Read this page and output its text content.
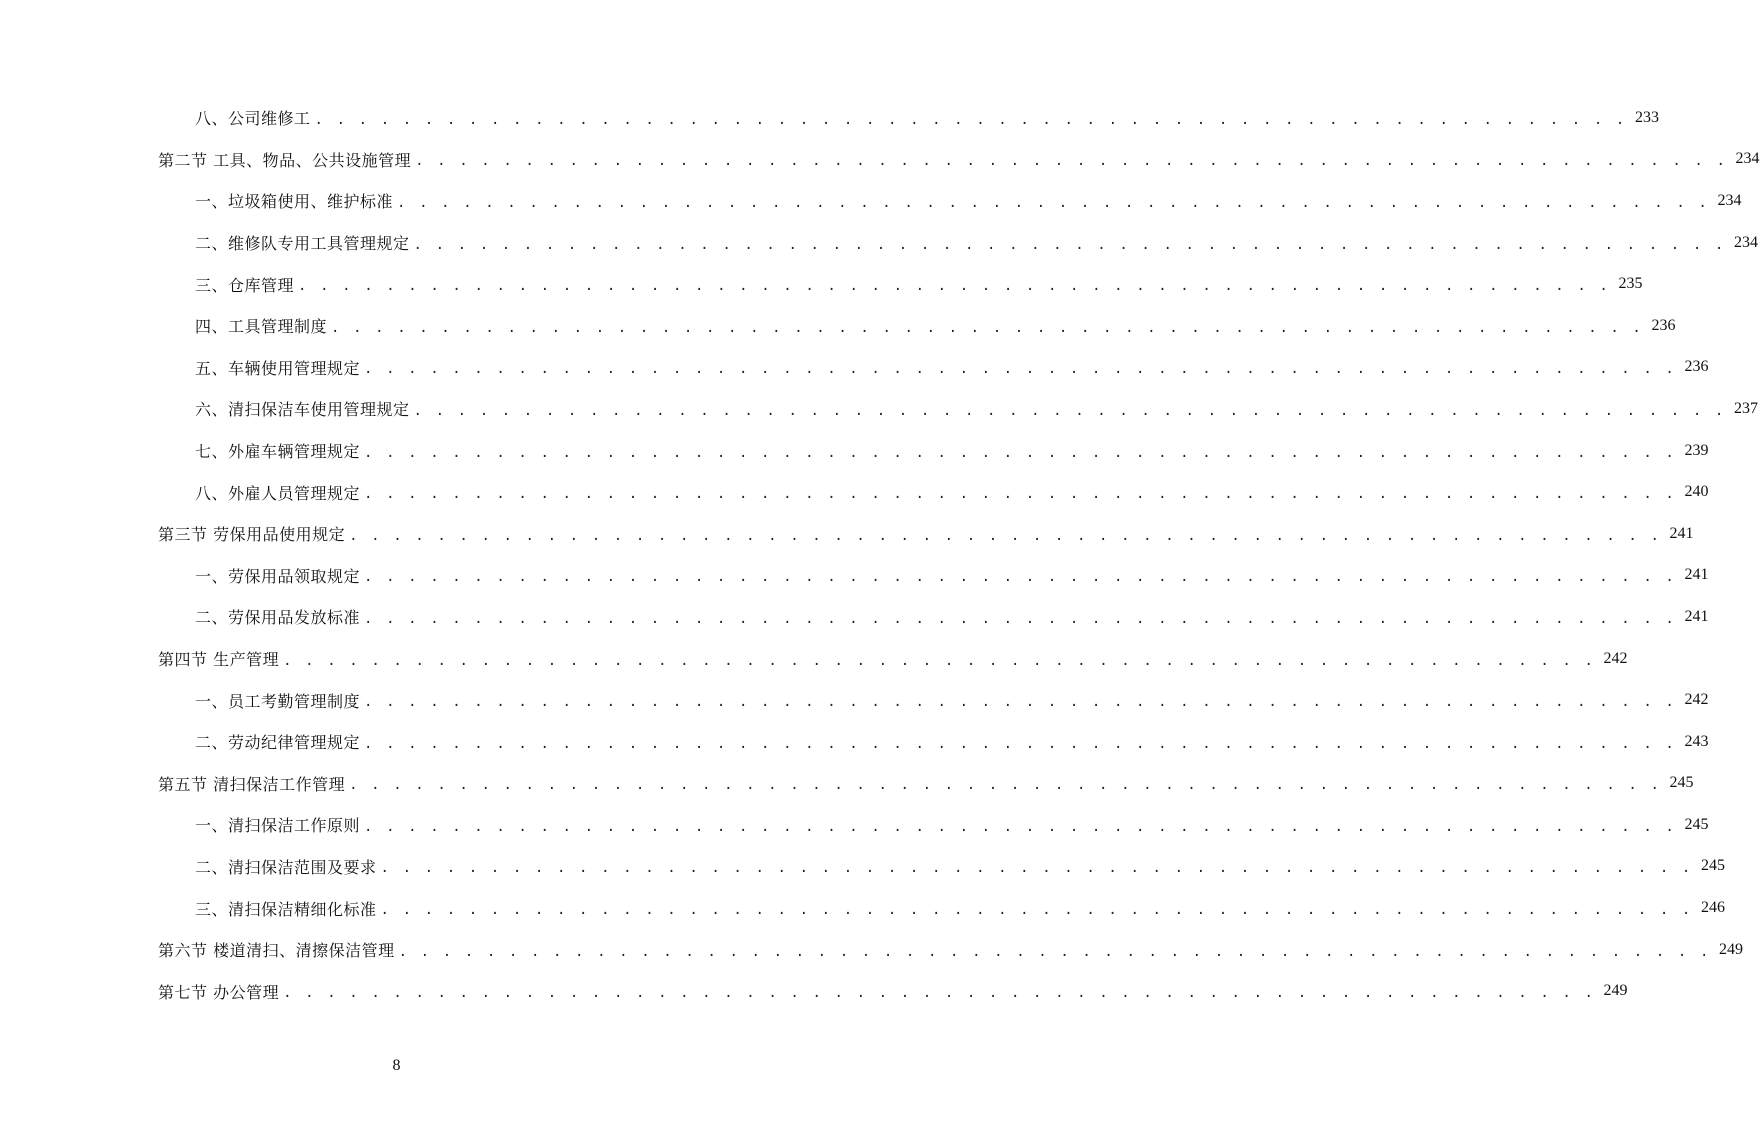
八、公司维修工 . . . . . . . . . . . . . . . . . . . . . . . . . . . . . . . . . . . . . . . . . . . . . . . . . . . . . . . . . . . . 233
第二节 工具、物品、公共设施管理 . . . . . . . . . . . . . . . . . . . . . . . . . . . . . . . . . . . . . . . . . . . . . . . . . . . . . . . . . . . . 234
一、垃圾箱使用、维护标准 . . . . . . . . . . . . . . . . . . . . . . . . . . . . . . . . . . . . . . . . . . . . . . . . . . . . . . . . . . . . 234
二、维修队专用工具管理规定 . . . . . . . . . . . . . . . . . . . . . . . . . . . . . . . . . . . . . . . . . . . . . . . . . . . . . . . . . . . . 234
三、仓库管理 . . . . . . . . . . . . . . . . . . . . . . . . . . . . . . . . . . . . . . . . . . . . . . . . . . . . . . . . . . . . 235
四、工具管理制度 . . . . . . . . . . . . . . . . . . . . . . . . . . . . . . . . . . . . . . . . . . . . . . . . . . . . . . . . . . . . 236
五、车辆使用管理规定 . . . . . . . . . . . . . . . . . . . . . . . . . . . . . . . . . . . . . . . . . . . . . . . . . . . . . . . . . . . . 236
六、清扫保洁车使用管理规定 . . . . . . . . . . . . . . . . . . . . . . . . . . . . . . . . . . . . . . . . . . . . . . . . . . . . . . . . . . . . 237
七、外雇车辆管理规定 . . . . . . . . . . . . . . . . . . . . . . . . . . . . . . . . . . . . . . . . . . . . . . . . . . . . . . . . . . . . 239
八、外雇人员管理规定 . . . . . . . . . . . . . . . . . . . . . . . . . . . . . . . . . . . . . . . . . . . . . . . . . . . . . . . . . . . . 240
第三节 劳保用品使用规定 . . . . . . . . . . . . . . . . . . . . . . . . . . . . . . . . . . . . . . . . . . . . . . . . . . . . . . . . . . . . 241
一、劳保用品领取规定 . . . . . . . . . . . . . . . . . . . . . . . . . . . . . . . . . . . . . . . . . . . . . . . . . . . . . . . . . . . . 241
二、劳保用品发放标准 . . . . . . . . . . . . . . . . . . . . . . . . . . . . . . . . . . . . . . . . . . . . . . . . . . . . . . . . . . . . 241
第四节 生产管理 . . . . . . . . . . . . . . . . . . . . . . . . . . . . . . . . . . . . . . . . . . . . . . . . . . . . . . . . . . . . 242
一、员工考勤管理制度 . . . . . . . . . . . . . . . . . . . . . . . . . . . . . . . . . . . . . . . . . . . . . . . . . . . . . . . . . . . . 242
二、劳动纪律管理规定 . . . . . . . . . . . . . . . . . . . . . . . . . . . . . . . . . . . . . . . . . . . . . . . . . . . . . . . . . . . . 243
第五节 清扫保洁工作管理 . . . . . . . . . . . . . . . . . . . . . . . . . . . . . . . . . . . . . . . . . . . . . . . . . . . . . . . . . . . . 245
一、清扫保洁工作原则 . . . . . . . . . . . . . . . . . . . . . . . . . . . . . . . . . . . . . . . . . . . . . . . . . . . . . . . . . . . . 245
二、清扫保洁范围及要求 . . . . . . . . . . . . . . . . . . . . . . . . . . . . . . . . . . . . . . . . . . . . . . . . . . . . . . . . . . . . 245
三、清扫保洁精细化标准 . . . . . . . . . . . . . . . . . . . . . . . . . . . . . . . . . . . . . . . . . . . . . . . . . . . . . . . . . . . . 246
第六节 楼道清扫、清擦保洁管理 . . . . . . . . . . . . . . . . . . . . . . . . . . . . . . . . . . . . . . . . . . . . . . . . . . . . . . . . . . . . 249
第七节 办公管理 . . . . . . . . . . . . . . . . . . . . . . . . . . . . . . . . . . . . . . . . . . . . . . . . . . . . . . . . . . . . 249
8
